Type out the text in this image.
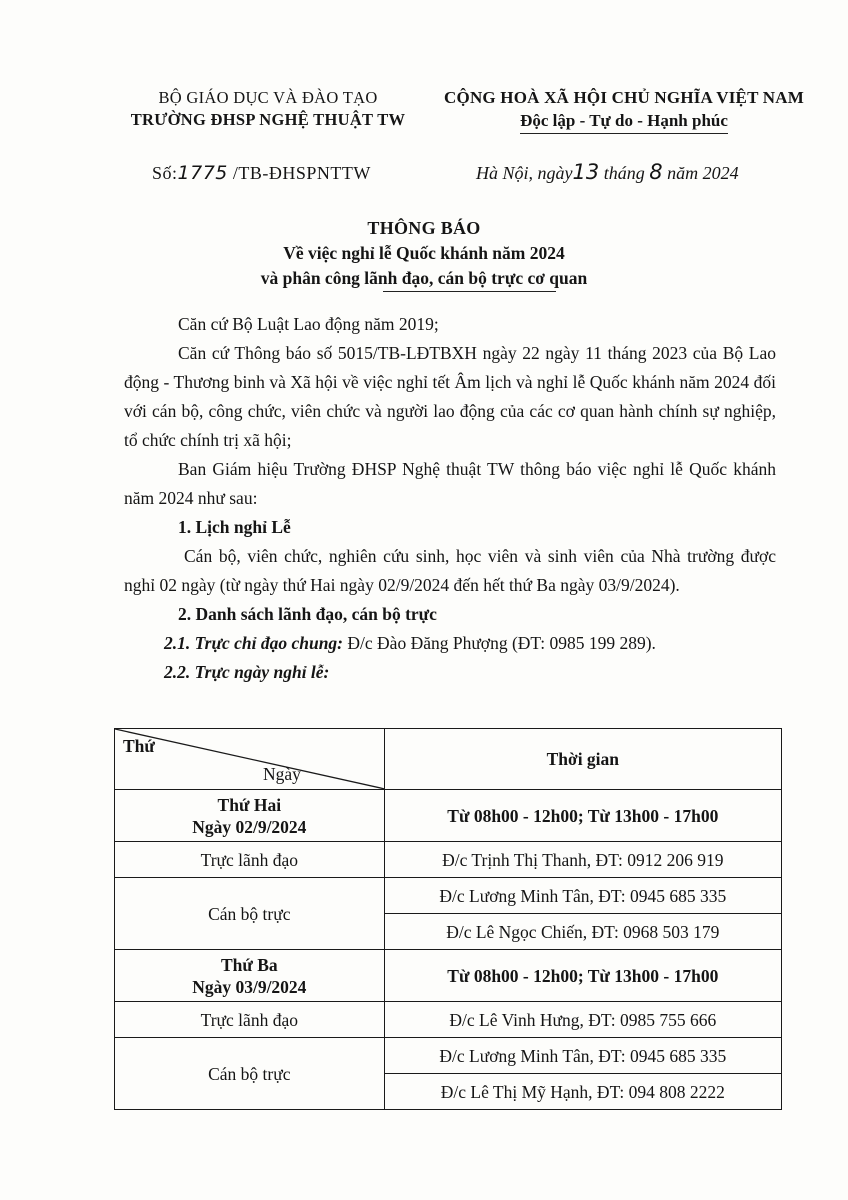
BỘ GIÁO DỤC VÀ ĐÀO TẠO
TRƯỜNG ĐHSP NGHỆ THUẬT TW
CỘNG HOÀ XÃ HỘI CHỦ NGHĨA VIỆT NAM
Độc lập - Tự do - Hạnh phúc
Số:1775 /TB-ĐHSPNTTW	Hà Nội, ngày13 tháng 8 năm 2024
THÔNG BÁO
Về việc nghỉ lễ Quốc khánh năm 2024
và phân công lãnh đạo, cán bộ trực cơ quan

Căn cứ Bộ Luật Lao động năm 2019;

Căn cứ Thông báo số 5015/TB-LĐTBXH ngày 22 ngày 11 tháng 2023 của Bộ Lao động - Thương binh và Xã hội về việc nghỉ tết Âm lịch và nghỉ lễ Quốc khánh năm 2024 đối với cán bộ, công chức, viên chức và người lao động của các cơ quan hành chính sự nghiệp, tổ chức chính trị xã hội;

Ban Giám hiệu Trường ĐHSP Nghệ thuật TW thông báo việc nghỉ lễ Quốc khánh năm 2024 như sau:

1. Lịch nghỉ Lễ

Cán bộ, viên chức, nghiên cứu sinh, học viên và sinh viên của Nhà trường được nghỉ 02 ngày (từ ngày thứ Hai ngày 02/9/2024 đến hết thứ Ba ngày 03/9/2024).

2. Danh sách lãnh đạo, cán bộ trực

2.1. Trực chỉ đạo chung: Đ/c Đào Đăng Phượng (ĐT: 0985 199 289).

2.2. Trực ngày nghỉ lễ:

Thứ
Ngày	Thời gian

Thứ Hai
Ngày 02/9/2024	Từ 08h00 - 12h00; Từ 13h00 - 17h00
Trực lãnh đạo	Đ/c Trịnh Thị Thanh, ĐT: 0912 206 919
Cán bộ trực	Đ/c Lương Minh Tân, ĐT: 0945 685 335
	Đ/c Lê Ngọc Chiến, ĐT: 0968 503 179

Thứ Ba
Ngày 03/9/2024	Từ 08h00 - 12h00; Từ 13h00 - 17h00
Trực lãnh đạo	Đ/c Lê Vinh Hưng, ĐT: 0985 755 666
Cán bộ trực	Đ/c Lương Minh Tân, ĐT: 0945 685 335
	Đ/c Lê Thị Mỹ Hạnh, ĐT: 094 808 2222
